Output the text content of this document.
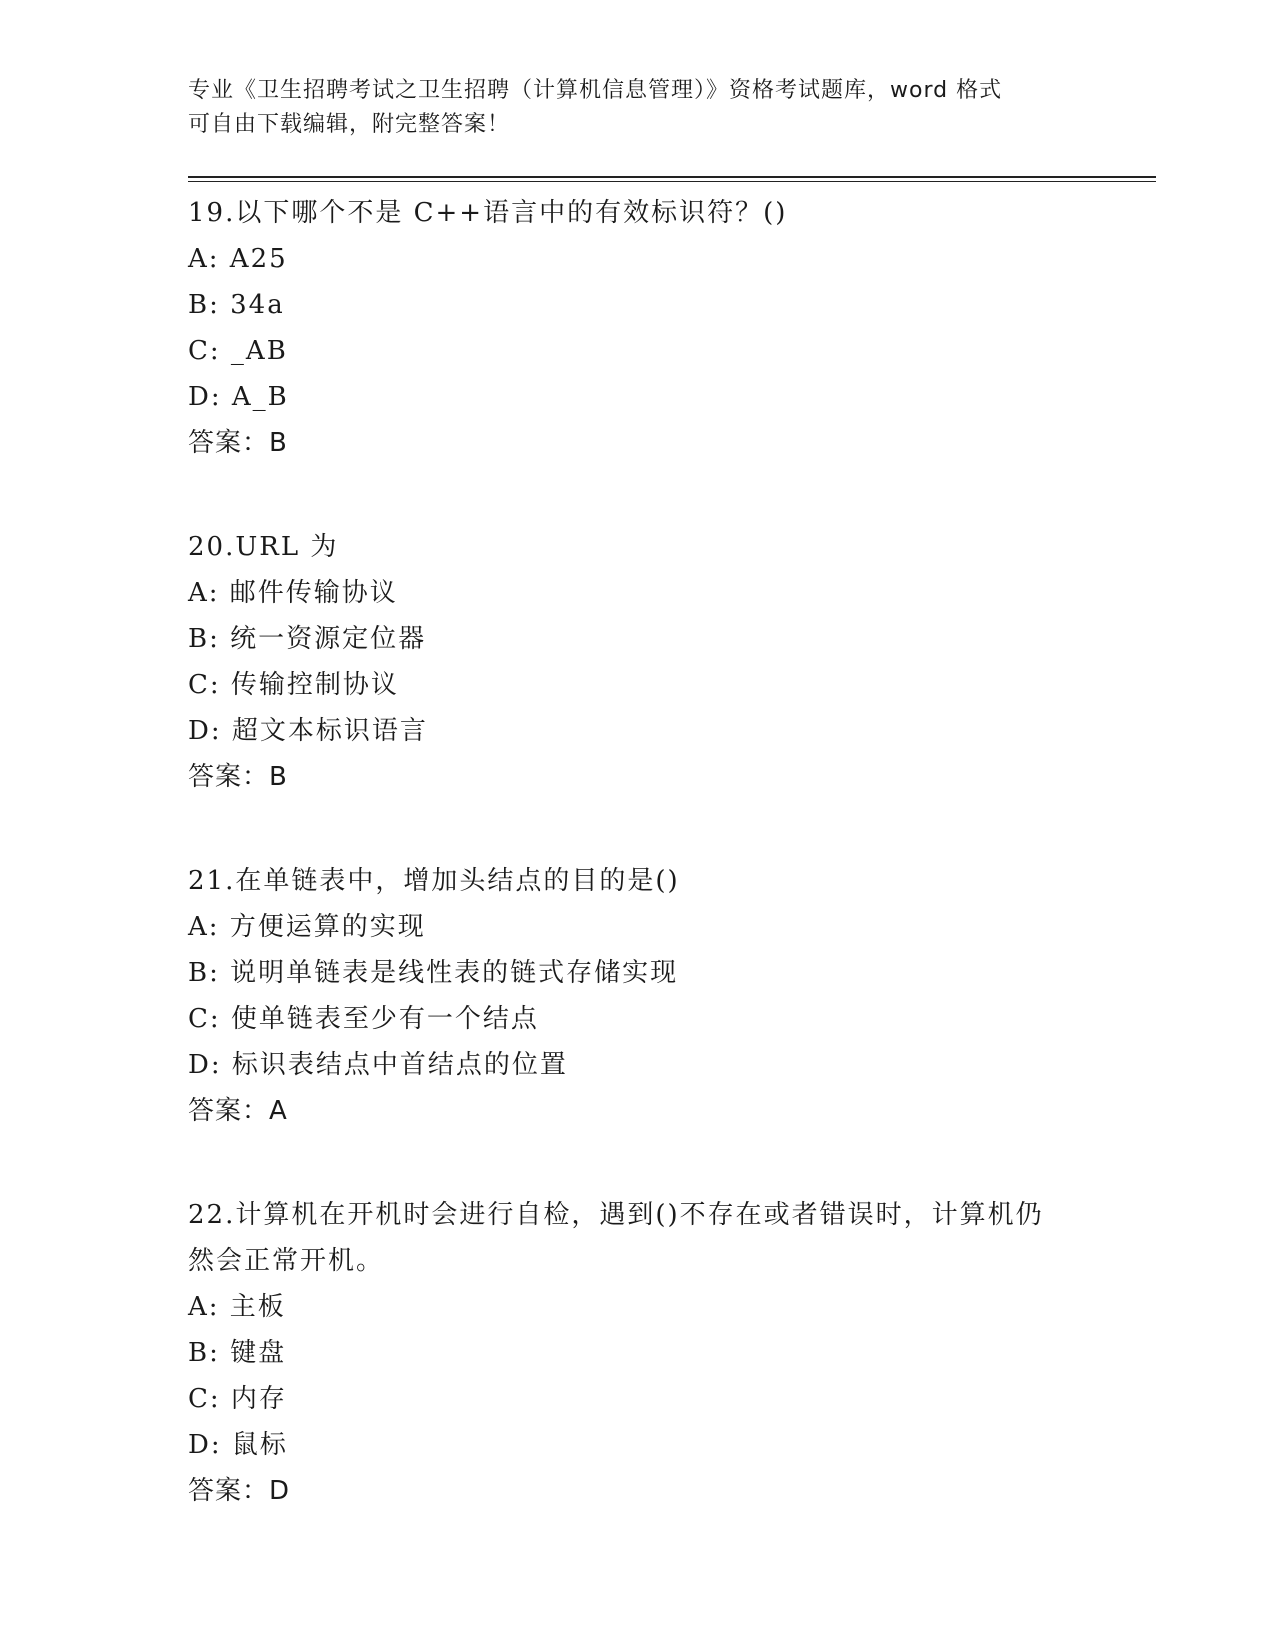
专业《卫生招聘考试之卫生招聘（计算机信息管理）》资格考试题库，word 格式
可自由下载编辑，附完整答案！
19.以下哪个不是 C++语言中的有效标识符？()
A: A25
B: 34a
C: _AB
D: A_B
答案：B
20.URL 为
A: 邮件传输协议
B: 统一资源定位器
C: 传输控制协议
D: 超文本标识语言
答案：B
21.在单链表中，增加头结点的目的是()
A: 方便运算的实现
B: 说明单链表是线性表的链式存储实现
C: 使单链表至少有一个结点
D: 标识表结点中首结点的位置
答案：A
22.计算机在开机时会进行自检，遇到()不存在或者错误时，计算机仍
然会正常开机。
A: 主板
B: 键盘
C: 内存
D: 鼠标
答案：D
